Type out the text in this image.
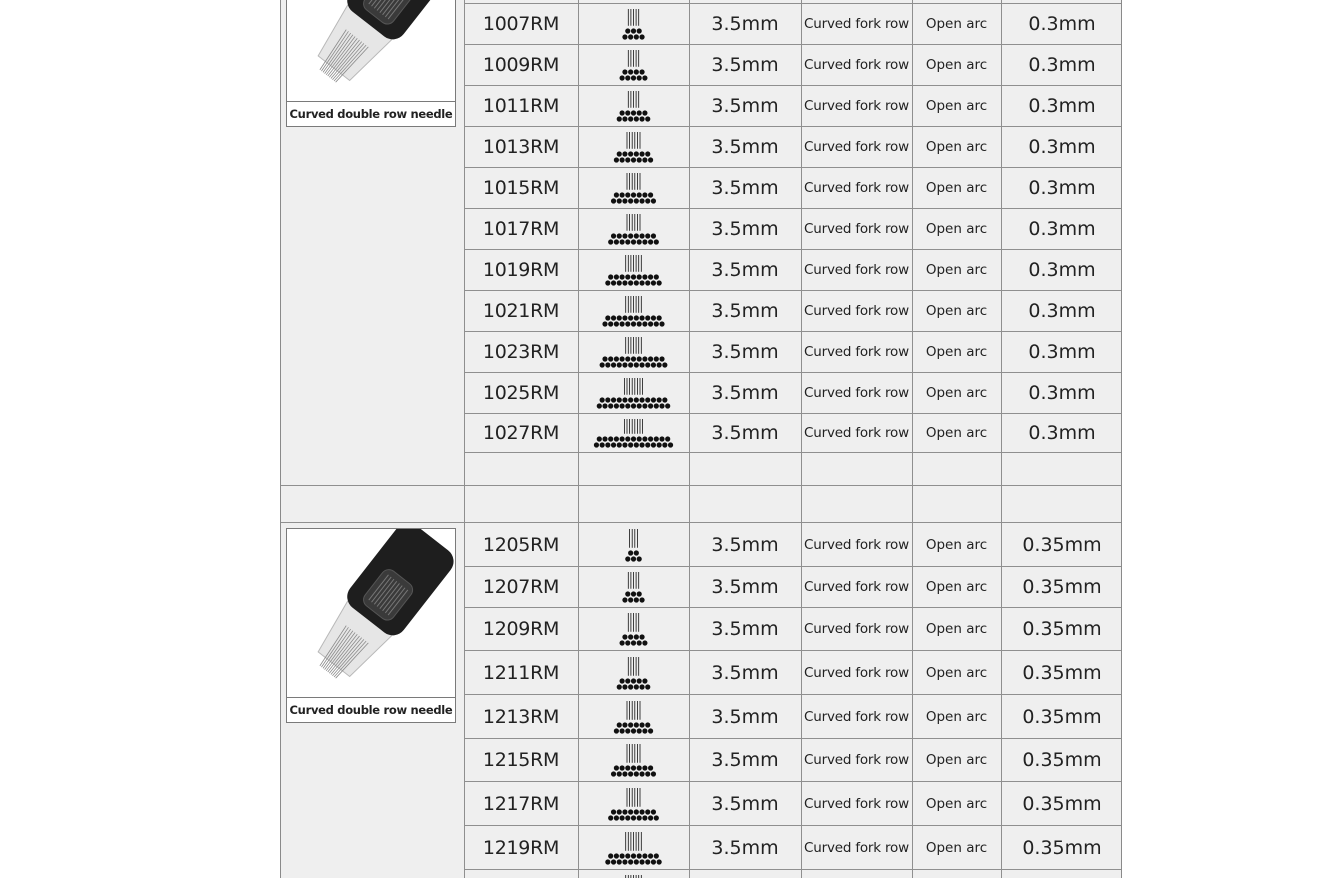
1007RM	3.5mm	Curved fork row	Open arc	0.3mm
1009RM	3.5mm	Curved fork row	Open arc	0.3mm
1011RM	3.5mm	Curved fork row	Open arc	0.3mm
1013RM	3.5mm	Curved fork row	Open arc	0.3mm
1015RM	3.5mm	Curved fork row	Open arc	0.3mm
1017RM	3.5mm	Curved fork row	Open arc	0.3mm
1019RM	3.5mm	Curved fork row	Open arc	0.3mm
1021RM	3.5mm	Curved fork row	Open arc	0.3mm
1023RM	3.5mm	Curved fork row	Open arc	0.3mm
1025RM	3.5mm	Curved fork row	Open arc	0.3mm
1027RM	3.5mm	Curved fork row	Open arc	0.3mm
Curved double row needle
1205RM	3.5mm	Curved fork row	Open arc	0.35mm
1207RM	3.5mm	Curved fork row	Open arc	0.35mm
1209RM	3.5mm	Curved fork row	Open arc	0.35mm
1211RM	3.5mm	Curved fork row	Open arc	0.35mm
1213RM	3.5mm	Curved fork row	Open arc	0.35mm
1215RM	3.5mm	Curved fork row	Open arc	0.35mm
1217RM	3.5mm	Curved fork row	Open arc	0.35mm
1219RM	3.5mm	Curved fork row	Open arc	0.35mm
Curved double row needle
